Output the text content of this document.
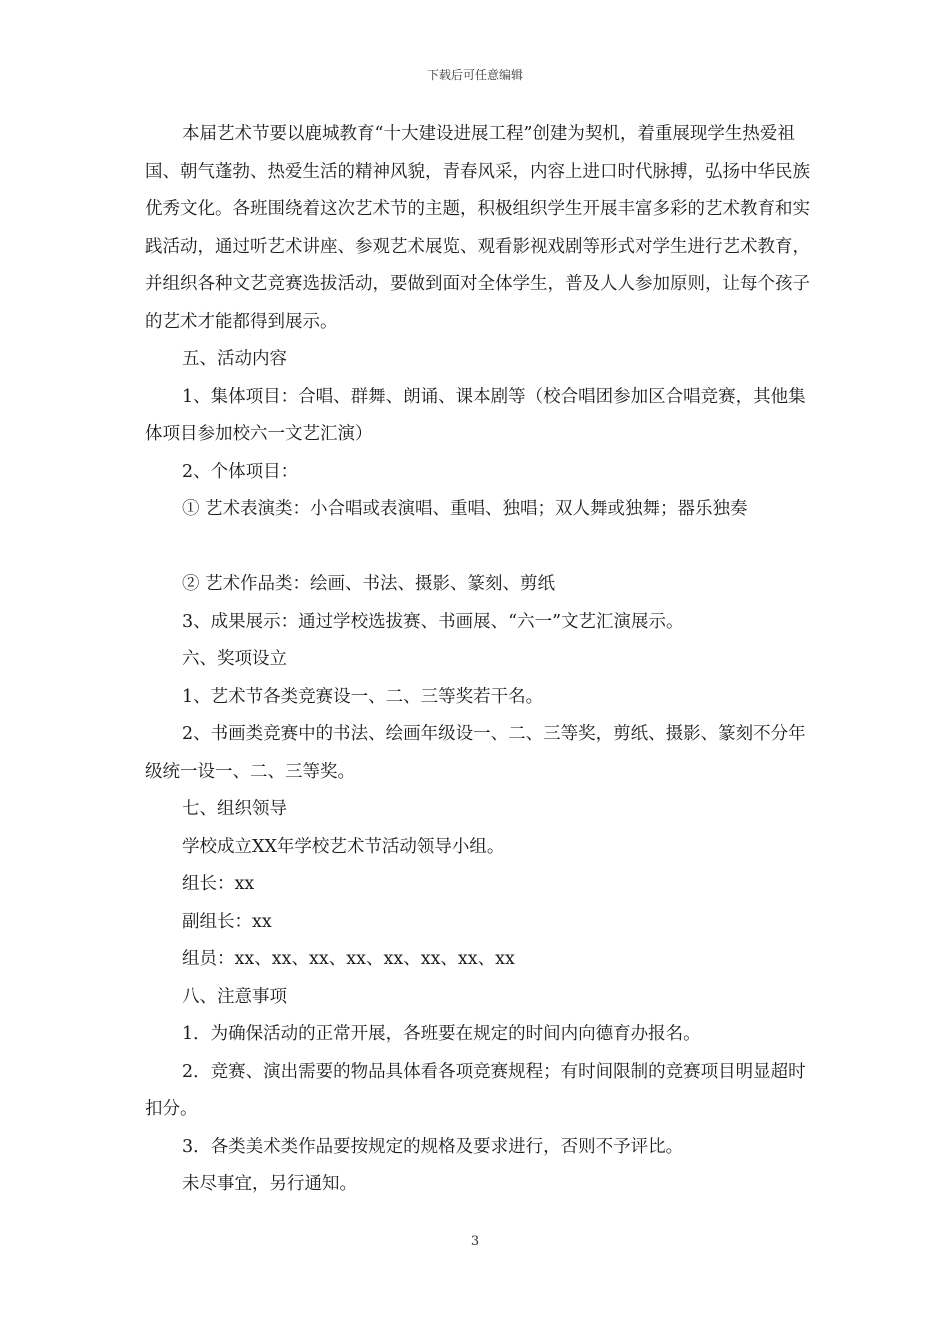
下载后可任意编辑

本届艺术节要以鹿城教育“十大建设进展工程”创建为契机，着重展现学生热爱祖国、朝气蓬勃、热爱生活的精神风貌，青春风采，内容上进口时代脉搏，弘扬中华民族优秀文化。各班围绕着这次艺术节的主题，积极组织学生开展丰富多彩的艺术教育和实践活动，通过听艺术讲座、参观艺术展览、观看影视戏剧等形式对学生进行艺术教育，并组织各种文艺竞赛选拔活动，要做到面对全体学生，普及人人参加原则，让每个孩子的艺术才能都得到展示。

五、活动内容

1、集体项目：合唱、群舞、朗诵、课本剧等（校合唱团参加区合唱竞赛，其他集体项目参加校六一文艺汇演）

2、个体项目：

① 艺术表演类：小合唱或表演唱、重唱、独唱；双人舞或独舞；器乐独奏

② 艺术作品类：绘画、书法、摄影、篆刻、剪纸

3、成果展示：通过学校选拔赛、书画展、“六一”文艺汇演展示。

六、奖项设立

1、艺术节各类竞赛设一、二、三等奖若干名。

2、书画类竞赛中的书法、绘画年级设一、二、三等奖，剪纸、摄影、篆刻不分年级统一设一、二、三等奖。

七、组织领导

学校成立XX年学校艺术节活动领导小组。

组长：xx

副组长：xx

组员：xx、xx、xx、xx、xx、xx、xx、xx

八、注意事项

1．为确保活动的正常开展，各班要在规定的时间内向德育办报名。

2．竞赛、演出需要的物品具体看各项竞赛规程；有时间限制的竞赛项目明显超时扣分。

3．各类美术类作品要按规定的规格及要求进行，否则不予评比。

未尽事宜，另行通知。

3
